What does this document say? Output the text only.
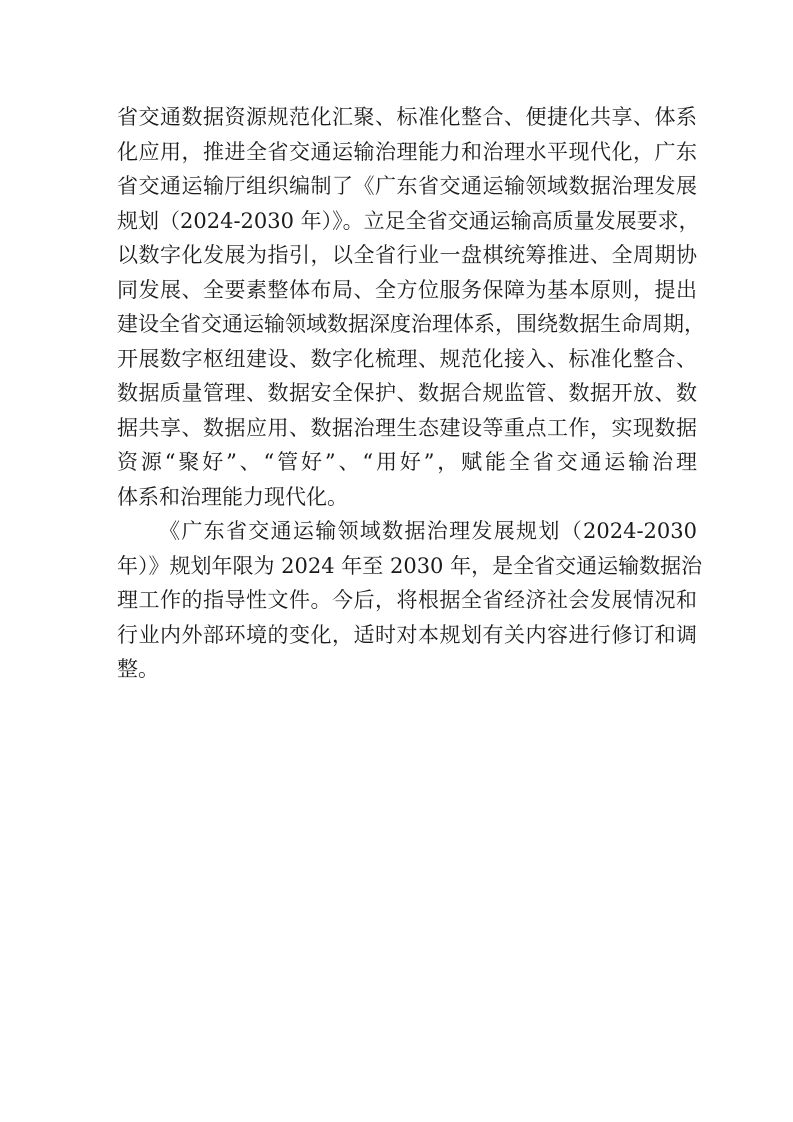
省交通数据资源规范化汇聚、标准化整合、便捷化共享、体系
化应用，推进全省交通运输治理能力和治理水平现代化，广东
省交通运输厅组织编制了《广东省交通运输领域数据治理发展
规划（2024-2030 年）》。立足全省交通运输高质量发展要求，
以数字化发展为指引，以全省行业一盘棋统筹推进、全周期协
同发展、全要素整体布局、全方位服务保障为基本原则，提出
建设全省交通运输领域数据深度治理体系，围绕数据生命周期，
开展数字枢纽建设、数字化梳理、规范化接入、标准化整合、
数据质量管理、数据安全保护、数据合规监管、数据开放、数
据共享、数据应用、数据治理生态建设等重点工作，实现数据
资源“聚好”、“管好”、“用好”，赋能全省交通运输治理
体系和治理能力现代化。
《广东省交通运输领域数据治理发展规划（2024-2030
年）》规划年限为 2024 年至 2030 年，是全省交通运输数据治
理工作的指导性文件。今后，将根据全省经济社会发展情况和
行业内外部环境的变化，适时对本规划有关内容进行修订和调
整。
